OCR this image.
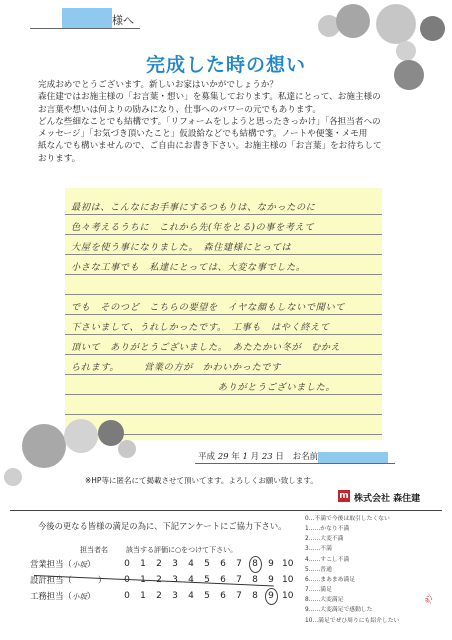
様へ
完成した時の想い
完成おめでとうございます。新しいお家はいかがでしょうか？
森住建ではお施主様の「お言葉・想い」を募集しております。私達にとって、お施主様の
お言葉や想いは何よりの励みになり、仕事へのパワーの元でもあります。
どんな些細なことでも結構です。「リフォームをしようと思ったきっかけ」「各担当者への
メッセージ」「お気づき頂いたこと」仮設給などでも結構です。ノートや便箋・メモ用
紙なんでも構いませんので、ご自由にお書き下さい。お施主様の「お言葉」をお待ちして
おります。
最初は、こんなにお手事にするつもりは、なかったのに
色々考えるうちに　これから先(年をとる)の事を考えて
大屋を使う事になりました。　森住建様にとっては
小さな工事でも　私達にとっては、大変な事でした。
でも　そのつど　こちらの要望を　イヤな顔もしないで聞いて
下さいまして、うれしかったです。　工事も　はやく終えて
頂いて　ありがとうございました。　あたたかい冬が　むかえ
られます。　　　営業の方が　かわいかったです
　　　　　　　　　　　　　　　ありがとうございました。
平成 29 年 1 月 23 日 お名前
※HP等に匿名にて掲載させて頂いてます。よろしくお願い致します。
m 株式会社 森住建
今後の更なる皆様の満足の為に、下記アンケートにご協力下さい。
担当者名	該当する評価に○をつけて下さい。
営業担当（小坂）
設計担当（	）
工務担当（小坂）
0 1 2 3 4 5 6 7 8 9 10
0 1 2 3 4 5 6 7 8 9 10
0 1 2 3 4 5 6 7 8 9 10
0…不満で今後は取引したくない
1……かなり不満
2……大変不満
3……不満
4……すこし不満
5……普通
6……まあまあ満足
7……満足
8……大変満足
9……大変満足で感動した
10…満足でぜひ周りにも紹介したい
ｻﾝ
